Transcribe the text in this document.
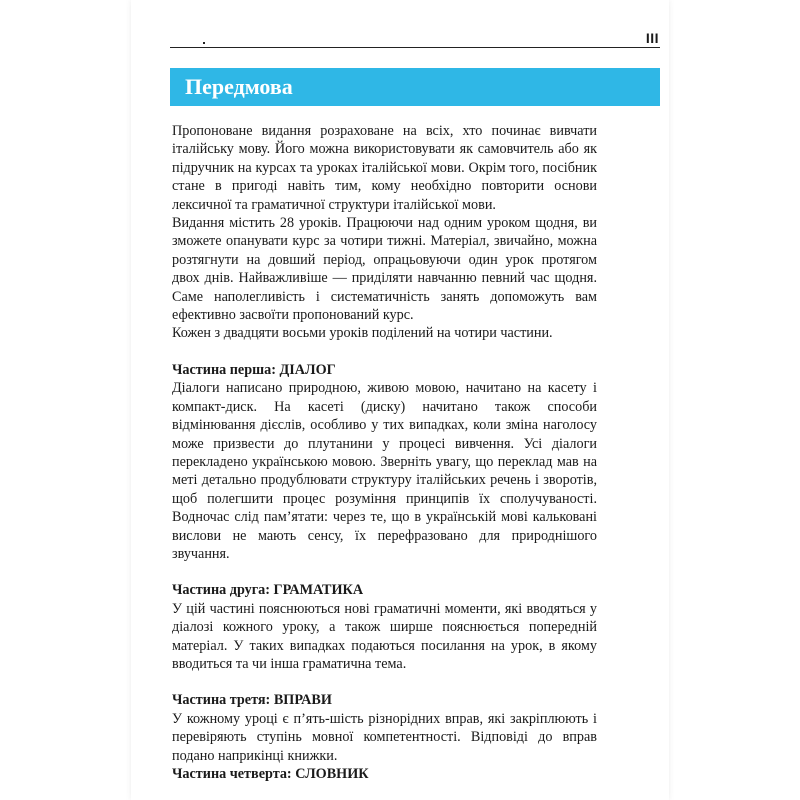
III
Передмова

Пропоноване видання розраховане на всіх, хто починає вивчати італійську мову. Його можна використовувати як самовчитель або як підручник на курсах та уроках італійської мови. Окрім того, посібник стане в пригоді навіть тим, кому необхідно повторити основи лексичної та граматичної структури італійської мови.

Видання містить 28 уроків. Працюючи над одним уроком щодня, ви зможете опанувати курс за чотири тижні. Матеріал, звичайно, можна розтягнути на довший період, опрацьовуючи один урок протягом двох днів. Найважливіше — приділяти навчанню певний час щодня. Саме наполегливість і систематичність занять допоможуть вам ефективно засвоїти пропонований курс.

Кожен з двадцяти восьми уроків поділений на чотири частини.

Частина перша: ДІАЛОГ

Діалоги написано природною, живою мовою, начитано на касету і компакт-диск. На касеті (диску) начитано також способи відмінювання дієслів, особливо у тих випадках, коли зміна наголосу може призвести до плутанини у процесі вивчення. Усі діалоги перекладено українською мовою. Зверніть увагу, що переклад мав на меті детально продублювати структуру італійських речень і зворотів, щоб полегшити процес розуміння принципів їх сполучуваності. Водночас слід пам’ятати: через те, що в українській мові кальковані вислови не мають сенсу, їх перефразовано для природнішого звучання.

Частина друга: ГРАМАТИКА

У цій частині пояснюються нові граматичні моменти, які вводяться у діалозі кожного уроку, а також ширше пояснюється попередній матеріал. У таких випадках подаються посилання на урок, в якому вводиться та чи інша граматична тема.

Частина третя: ВПРАВИ

У кожному уроці є п’ять-шість різнорідних вправ, які закріплюють і перевіряють ступінь мовної компетентності. Відповіді до вправ подано наприкінці книжки.

Частина четверта: СЛОВНИК
